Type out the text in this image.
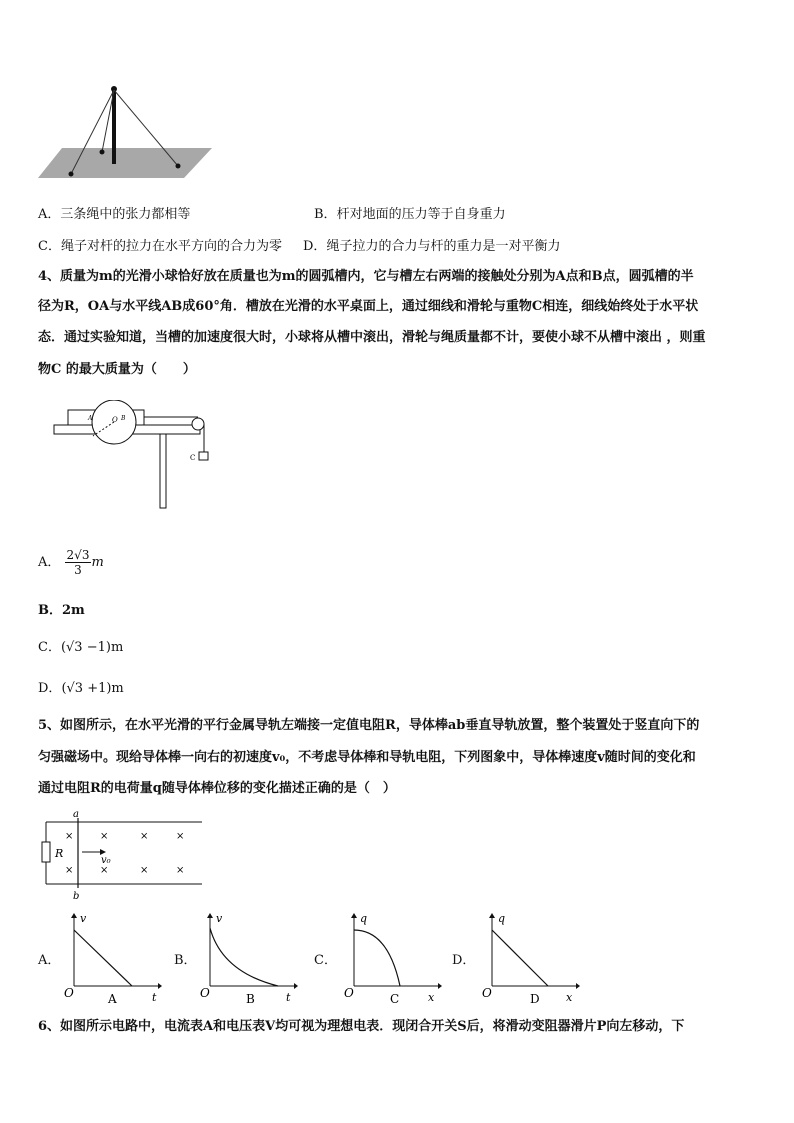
A．三条绳中的张力都相等	B．杆对地面的压力等于自身重力
C．绳子对杆的拉力在水平方向的合力为零 D．绳子拉力的合力与杆的重力是一对平衡力
4、质量为m的光滑小球恰好放在质量也为m的圆弧槽内，它与槽左右两端的接触处分别为A点和B点，圆弧槽的半
径为R，OA与水平线AB成60°角．槽放在光滑的水平桌面上，通过细线和滑轮与重物C相连，细线始终处于水平状
态．通过实验知道，当槽的加速度很大时，小球将从槽中滚出，滑轮与绳质量都不计，要使小球不从槽中滚出 ，则重
物C 的最大质量为（　　）
O
A	B
C
A． $\frac{2√3}{3}$ m
B．2m
C．(√3 −1)m
D．(√3 +1)m
5、如图所示，在水平光滑的平行金属导轨左端接一定值电阻R，导体棒ab垂直导轨放置，整个装置处于竖直向下的
匀强磁场中。现给导体棒一向右的初速度v₀，不考虑导体棒和导轨电阻，下列图象中，导体棒速度v随时间的变化和
通过电阻R的电荷量q随导体棒位移的变化描述正确的是（　）
a
b
R
v₀
×	×	×	×
×	×	×	×
A．
v
t
O	A
B．
v
t
O	B
C．
q
x
O	C
D．
q
x
O	D
6、如图所示电路中，电流表A和电压表V均可视为理想电表．现闭合开关S后，将滑动变阻器滑片P向左移动，下
